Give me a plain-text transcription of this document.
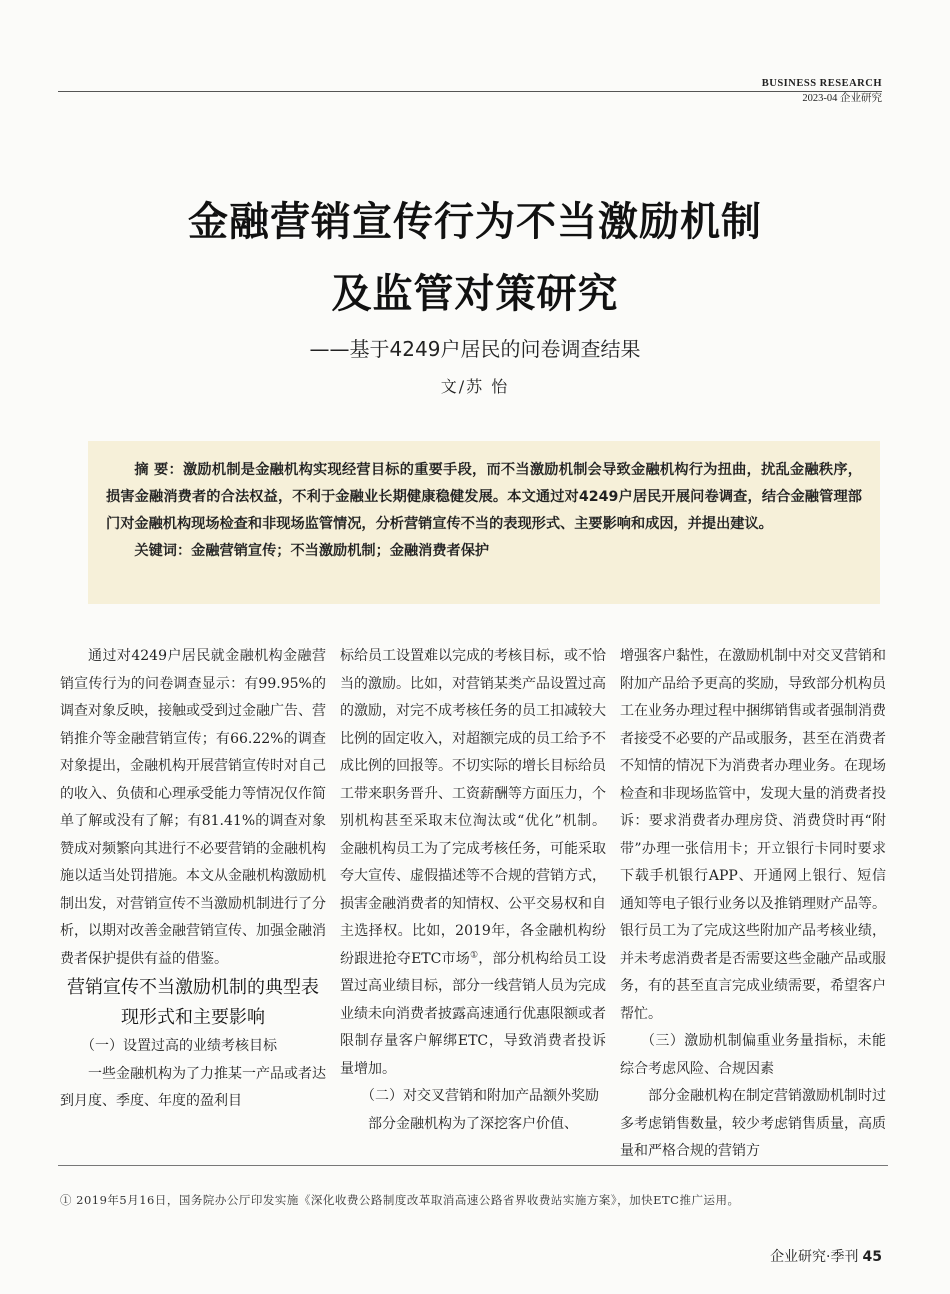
BUSINESS RESEARCH
2023-04 企业研究
金融营销宣传行为不当激励机制
及监管对策研究
——基于4249户居民的问卷调查结果
文/苏 怡

摘 要：激励机制是金融机构实现经营目标的重要手段，而不当激励机制会导致金融机构行为扭曲，扰乱金融秩序，损害金融消费者的合法权益，不利于金融业长期健康稳健发展。本文通过对4249户居民开展问卷调查，结合金融管理部门对金融机构现场检查和非现场监管情况，分析营销宣传不当的表现形式、主要影响和成因，并提出建议。

关键词：金融营销宣传；不当激励机制；金融消费者保护

通过对4249户居民就金融机构金融营销宣传行为的问卷调查显示：有99.95%的调查对象反映，接触或受到过金融广告、营销推介等金融营销宣传；有66.22%的调查对象提出，金融机构开展营销宣传时对自己的收入、负债和心理承受能力等情况仅作简单了解或没有了解；有81.41%的调查对象赞成对频繁向其进行不必要营销的金融机构施以适当处罚措施。本文从金融机构激励机制出发，对营销宣传不当激励机制进行了分析，以期对改善金融营销宣传、加强金融消费者保护提供有益的借鉴。

营销宣传不当激励机制的典型表现形式和主要影响

（一）设置过高的业绩考核目标

一些金融机构为了力推某一产品或者达到月度、季度、年度的盈利目

标给员工设置难以完成的考核目标，或不恰当的激励。比如，对营销某类产品设置过高的激励，对完不成考核任务的员工扣减较大比例的固定收入，对超额完成的员工给予不成比例的回报等。不切实际的增长目标给员工带来职务晋升、工资薪酬等方面压力，个别机构甚至采取末位淘汰或“优化”机制。金融机构员工为了完成考核任务，可能采取夸大宣传、虚假描述等不合规的营销方式，损害金融消费者的知情权、公平交易权和自主选择权。比如，2019年，各金融机构纷纷跟进抢夺ETC市场①，部分机构给员工设置过高业绩目标，部分一线营销人员为完成业绩未向消费者披露高速通行优惠限额或者限制存量客户解绑ETC，导致消费者投诉量增加。

（二）对交叉营销和附加产品额外奖励

部分金融机构为了深挖客户价值、

增强客户黏性，在激励机制中对交叉营销和附加产品给予更高的奖励，导致部分机构员工在业务办理过程中捆绑销售或者强制消费者接受不必要的产品或服务，甚至在消费者不知情的情况下为消费者办理业务。在现场检查和非现场监管中，发现大量的消费者投诉：要求消费者办理房贷、消费贷时再“附带”办理一张信用卡；开立银行卡同时要求下载手机银行APP、开通网上银行、短信通知等电子银行业务以及推销理财产品等。银行员工为了完成这些附加产品考核业绩，并未考虑消费者是否需要这些金融产品或服务，有的甚至直言完成业绩需要，希望客户帮忙。

（三）激励机制偏重业务量指标，未能综合考虑风险、合规因素

部分金融机构在制定营销激励机制时过多考虑销售数量，较少考虑销售质量，高质量和严格合规的营销方

① 2019年5月16日，国务院办公厅印发实施《深化收费公路制度改革取消高速公路省界收费站实施方案》，加快ETC推广运用。
企业研究·季刊 45
